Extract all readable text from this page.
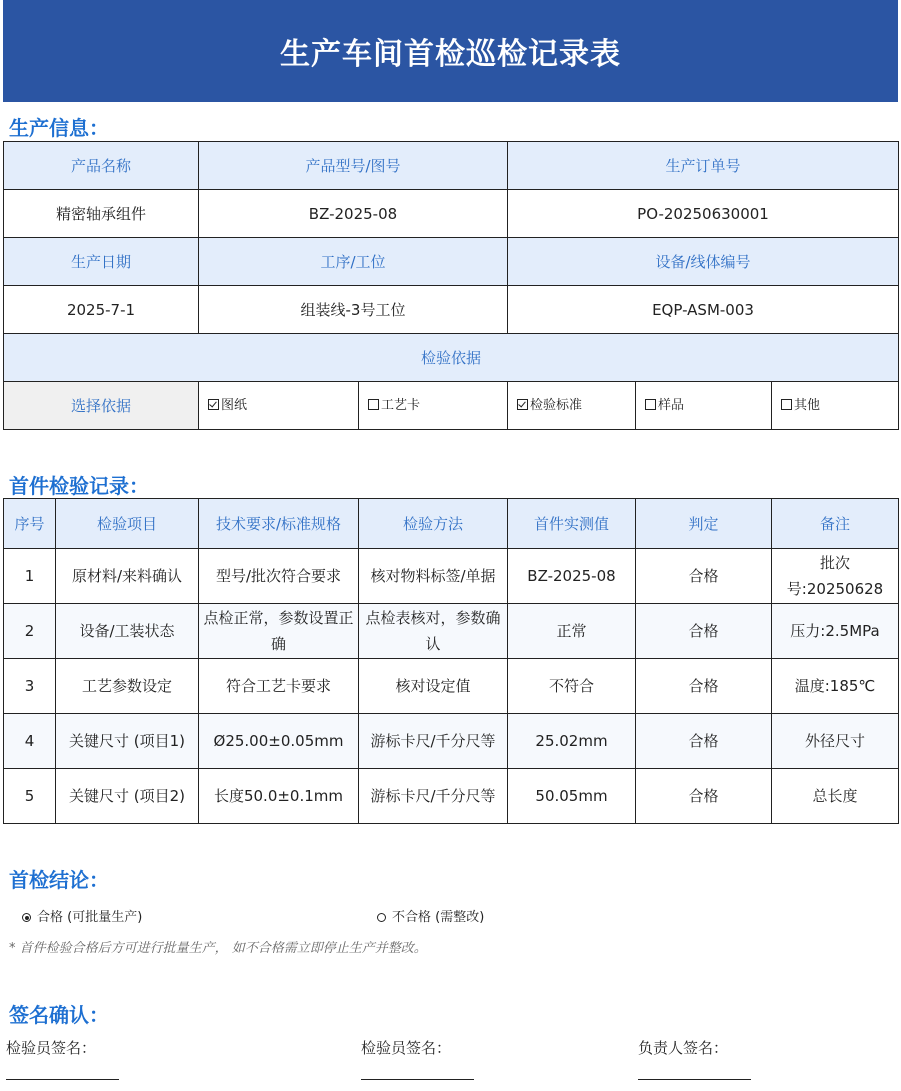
生产车间首检巡检记录表
生产信息：
产品名称	产品型号/图号		生产订单号		
精密轴承组件	BZ-2025-08		PO-20250630001		
生产日期	工序/工位		设备/线体编号		
2025-7-1	组装线-3号工位		EQP-ASM-003		
检验依据					
选择依据	图纸	工艺卡	检验标准	样品	其他
首件检验记录：
序号	检验项目	技术要求/标准规格	检验方法	首件实测值	判定	备注
1	原材料/来料确认	型号/批次符合要求	核对物料标签/单据	BZ-2025-08	合格	批次号:20250628
2	设备/工装状态	点检正常，参数设置正确	点检表核对，参数确认	正常	合格	压力:2.5MPa
3	工艺参数设定	符合工艺卡要求	核对设定值	不符合	合格	温度:185℃
4	关键尺寸 (项目1)	Ø25.00±0.05mm	游标卡尺/千分尺等	25.02mm	合格	外径尺寸
5	关键尺寸 (项目2)	长度50.0±0.1mm	游标卡尺/千分尺等	50.05mm	合格	总长度
首检结论：
合格 (可批量生产)	不合格 (需整改)
* 首件检验合格后方可进行批量生产， 如不合格需立即停止生产并整改。
签名确认：
检验员签名：	检验员签名：	负责人签名：
